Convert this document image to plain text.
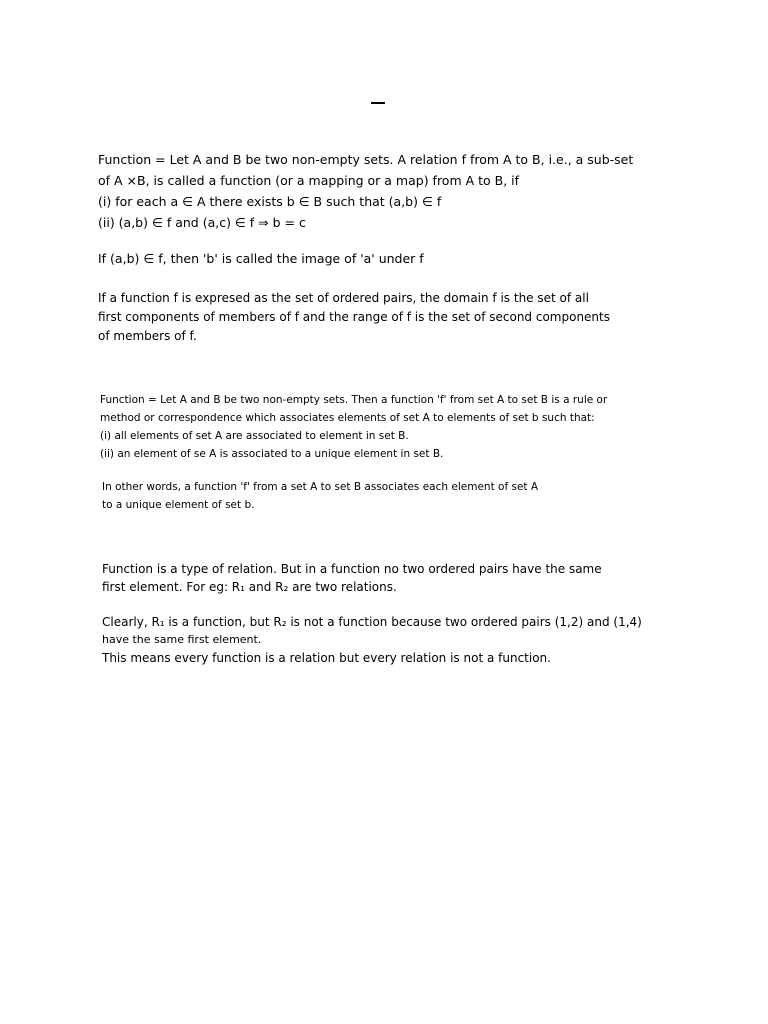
Function = Let A and B be two non-empty sets. A relation f from A to B, i.e., a sub-set

of A ×B, is called a function (or a mapping or a map) from A to B, if

(i) for each a ∈ A there exists b ∈ B such that (a,b) ∈ f

(ii) (a,b) ∈ f and (a,c) ∈ f ⇒ b = c

If (a,b) ∈ f, then 'b' is called the image of 'a' under f

If a function f is expresed as the set of ordered pairs, the domain f is the set of all

first components of members of f and the range of f is the set of second components

of members of f.

Function = Let A and B be two non-empty sets. Then a function 'f' from set A to set B is a rule or

method or correspondence which associates elements of set A to elements of set b such that:

(i) all elements of set A are associated to element in set B.

(ii) an element of se A is associated to a unique element in set B.

In other words, a function 'f' from a set A to set B associates each element of set A

to a unique element of set b.

Function is a type of relation. But in a function no two ordered pairs have the same

first element. For eg: R₁ and R₂ are two relations.

Clearly, R₁ is a function, but R₂ is not a function because two ordered pairs (1,2) and (1,4)

have the same first element.

This means every function is a relation but every relation is not a function.
